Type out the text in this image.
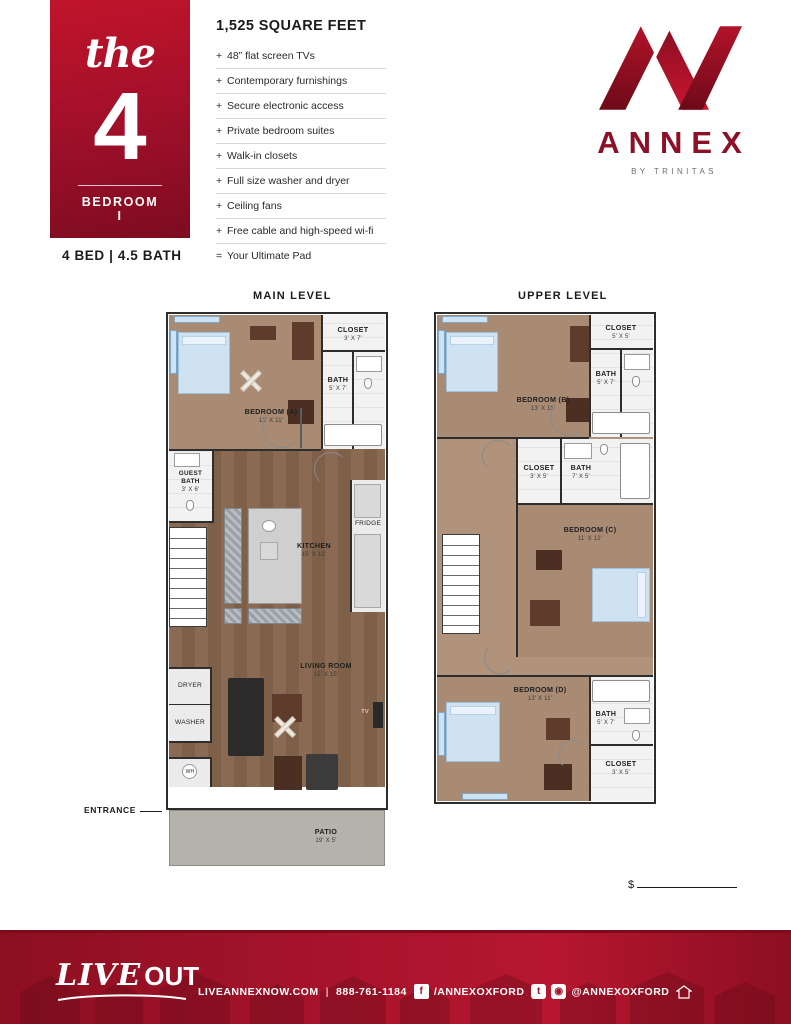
the
4
BEDROOM I
4 BED | 4.5 BATH
1,525 SQUARE FEET
+ 48” flat screen TVs
+ Contemporary furnishings
+ Secure electronic access
+ Private bedroom suites
+ Walk-in closets
+ Full size washer and dryer
+ Ceiling fans
+ Free cable and high-speed wi-fi
= Your Ultimate Pad
ANNEX
BY TRINITAS
MAIN LEVEL	UPPER LEVEL
FRIDGE
DRYER
WASHER
WH
BEDROOM (A)
13' X 11'
CLOSET
3' X 7'
BATH
5' X 7'
GUEST BATH
3' X 6'
KITCHEN
15' X 12'
TV
LIVING ROOM
15' X 15'
PATIO
19' X 5'
BEDROOM (B)
13' X 11'
CLOSET
5' X 5'
BATH
5' X 7'
CLOSET
3' X 5'
BATH
7' X 5'
BEDROOM (C)
11' X 12'
BEDROOM (D)
13' X 11'
BATH
5' X 7'
CLOSET
3' X 5'
ENTRANCE
$
LIVE OUT
LIVEANNEXNOW.COM | 888-761-1184	f	/ANNEXOXFORD	t	◉ @ANNEXOXFORD
